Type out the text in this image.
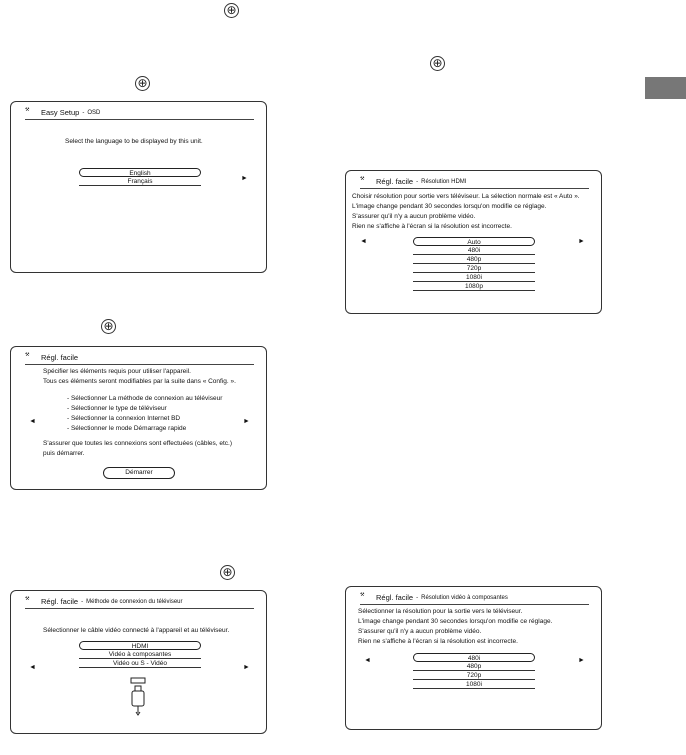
⊕
⊕
⊕
⊕
⊕
⚒	Easy Setup - OSD
Select the language to be displayed by this unit.
English
Français	►
⚒	Régl. facile
Spécifier les éléments requis pour utiliser l'appareil.
Tous ces éléments seront modifiables par la suite dans « Config. ».
- Sélectionner La méthode de connexion au téléviseur
- Sélectionner le type de téléviseur
- Sélectionner la connexion Internet BD
- Sélectionner le mode Démarrage rapide
S'assurer que toutes les connexions sont effectuées (câbles, etc.)
puis démarrer.
◄	►
Démarrer
⚒	Régl. facile - Méthode de connexion du téléviseur
Sélectionner le câble vidéo connecté à l'appareil et au téléviseur.
HDMI
Vidéo à composantes
Vidéo ou S - Vidéo
◄	►
⚒	Régl. facile - Résolution HDMI
Choisir résolution pour sortie vers téléviseur. La sélection normale est « Auto ».
L'image change pendant 30 secondes lorsqu'on modifie ce réglage.
S'assurer qu'il n'y a aucun problème vidéo.
Rien ne s'affiche à l'écran si la résolution est incorrecte.
Auto
480i
480p
720p
1080i
1080p
◄	►
⚒	Régl. facile - Résolution vidéo à composantes
Sélectionner la résolution pour la sortie vers le téléviseur.
L'image change pendant 30 secondes lorsqu'on modifie ce réglage.
S'assurer qu'il n'y a aucun problème vidéo.
Rien ne s'affiche à l'écran si la résolution est incorrecte.
480i
480p
720p
1080i
◄	►
